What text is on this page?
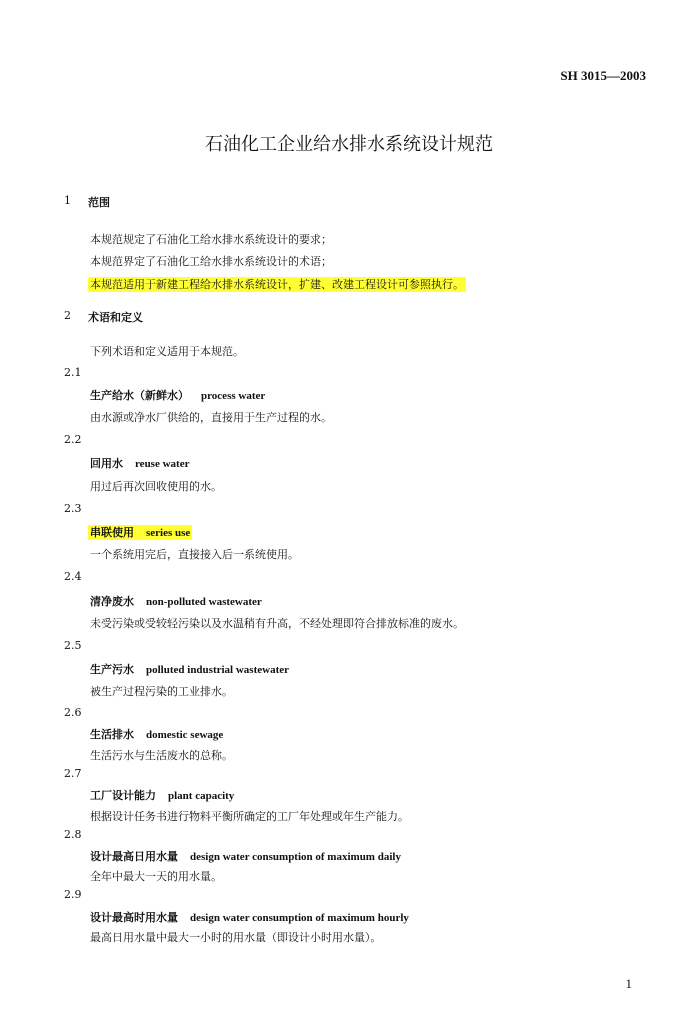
SH 3015—2003
石油化工企业给水排水系统设计规范
1 范围
本规范规定了石油化工给水排水系统设计的要求；
本规范界定了石油化工给水排水系统设计的术语；
本规范适用于新建工程给水排水系统设计，扩建、改建工程设计可参照执行。
2 术语和定义
下列术语和定义适用于本规范。
2.1
生产给水（新鲜水） process water
由水源或净水厂供给的，直接用于生产过程的水。
2.2
回用水 reuse water
用过后再次回收使用的水。
2.3
串联使用 series use
一个系统用完后，直接接入后一系统使用。
2.4
清净废水 non-polluted wastewater
未受污染或受较轻污染以及水温稍有升高，不经处理即符合排放标准的废水。
2.5
生产污水 polluted industrial wastewater
被生产过程污染的工业排水。
2.6
生活排水 domestic sewage
生活污水与生活废水的总称。
2.7
工厂设计能力 plant capacity
根据设计任务书进行物料平衡所确定的工厂年处理或年生产能力。
2.8
设计最高日用水量 design water consumption of maximum daily
全年中最大一天的用水量。
2.9
设计最高时用水量 design water consumption of maximum hourly
最高日用水量中最大一小时的用水量（即设计小时用水量）。
1
